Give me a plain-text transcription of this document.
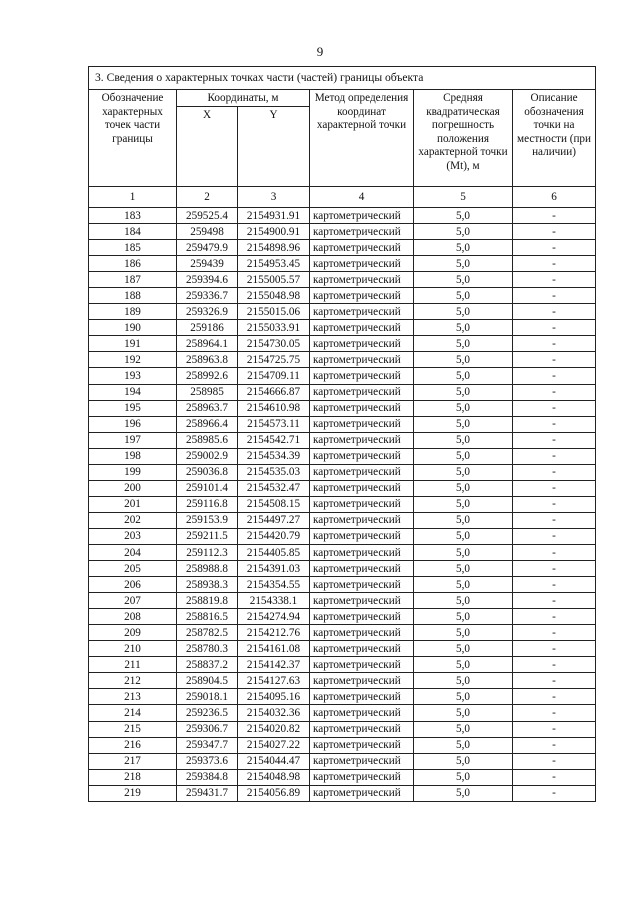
9
3. Сведения о характерных точках части (частей) границы объекта					
Обозначение характерных точек части границы	Координаты, м		Метод определения координат характерной точки	Средняя квадратическая погрешность положения характерной точки (Mt), м	Описание обозначения точки на местности (при наличии)
	X	Y			
1	2	3	4	5	6
183	259525.4	2154931.91	картометрический	5,0	-
184	259498	2154900.91	картометрический	5,0	-
185	259479.9	2154898.96	картометрический	5,0	-
186	259439	2154953.45	картометрический	5,0	-
187	259394.6	2155005.57	картометрический	5,0	-
188	259336.7	2155048.98	картометрический	5,0	-
189	259326.9	2155015.06	картометрический	5,0	-
190	259186	2155033.91	картометрический	5,0	-
191	258964.1	2154730.05	картометрический	5,0	-
192	258963.8	2154725.75	картометрический	5,0	-
193	258992.6	2154709.11	картометрический	5,0	-
194	258985	2154666.87	картометрический	5,0	-
195	258963.7	2154610.98	картометрический	5,0	-
196	258966.4	2154573.11	картометрический	5,0	-
197	258985.6	2154542.71	картометрический	5,0	-
198	259002.9	2154534.39	картометрический	5,0	-
199	259036.8	2154535.03	картометрический	5,0	-
200	259101.4	2154532.47	картометрический	5,0	-
201	259116.8	2154508.15	картометрический	5,0	-
202	259153.9	2154497.27	картометрический	5,0	-
203	259211.5	2154420.79	картометрический	5,0	-
204	259112.3	2154405.85	картометрический	5,0	-
205	258988.8	2154391.03	картометрический	5,0	-
206	258938.3	2154354.55	картометрический	5,0	-
207	258819.8	2154338.1	картометрический	5,0	-
208	258816.5	2154274.94	картометрический	5,0	-
209	258782.5	2154212.76	картометрический	5,0	-
210	258780.3	2154161.08	картометрический	5,0	-
211	258837.2	2154142.37	картометрический	5,0	-
212	258904.5	2154127.63	картометрический	5,0	-
213	259018.1	2154095.16	картометрический	5,0	-
214	259236.5	2154032.36	картометрический	5,0	-
215	259306.7	2154020.82	картометрический	5,0	-
216	259347.7	2154027.22	картометрический	5,0	-
217	259373.6	2154044.47	картометрический	5,0	-
218	259384.8	2154048.98	картометрический	5,0	-
219	259431.7	2154056.89	картометрический	5,0	-
